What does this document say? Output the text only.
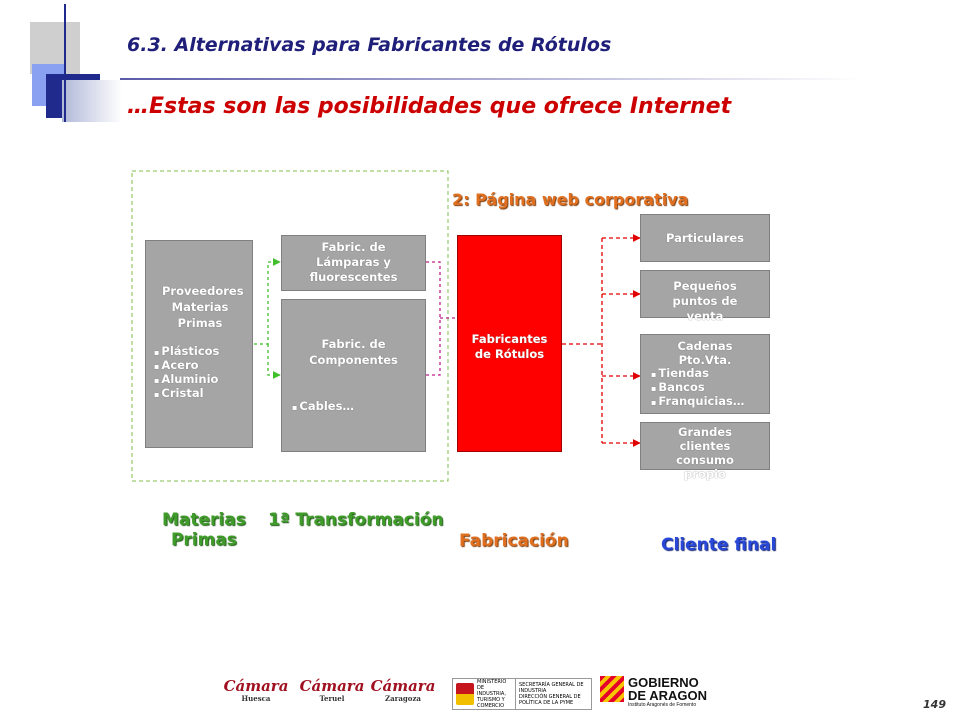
6.3. Alternativas para Fabricantes de Rótulos
…Estas son las posibilidades que ofrece Internet
2: Página web corporativa
Proveedores Materias Primas
▪ Plásticos
▪ Acero
▪ Aluminio
▪ Cristal
Fabric. de Lámparas y fluorescentes
Fabric. de Componentes
▪ Cables…
Fabricantes de Rótulos
Particulares
Pequeños puntos de venta
Cadenas Pto.Vta.
▪ Tiendas
▪ Bancos
▪ Franquicias…
Grandes clientes consumo propio
Materias
Primas
1ª Transformación
Fabricación	Cliente final
Cámara
Huesca
Cámara
Teruel
Cámara
Zaragoza
MINISTERIO
DE INDUSTRIA,
TURISMO Y
COMERCIO
SECRETARÍA GENERAL DE
INDUSTRIA
DIRECCIÓN GENERAL DE
POLÍTICA DE LA PYME
GOBIERNO
DE ARAGON
Instituto Aragonés de Fomento	149
